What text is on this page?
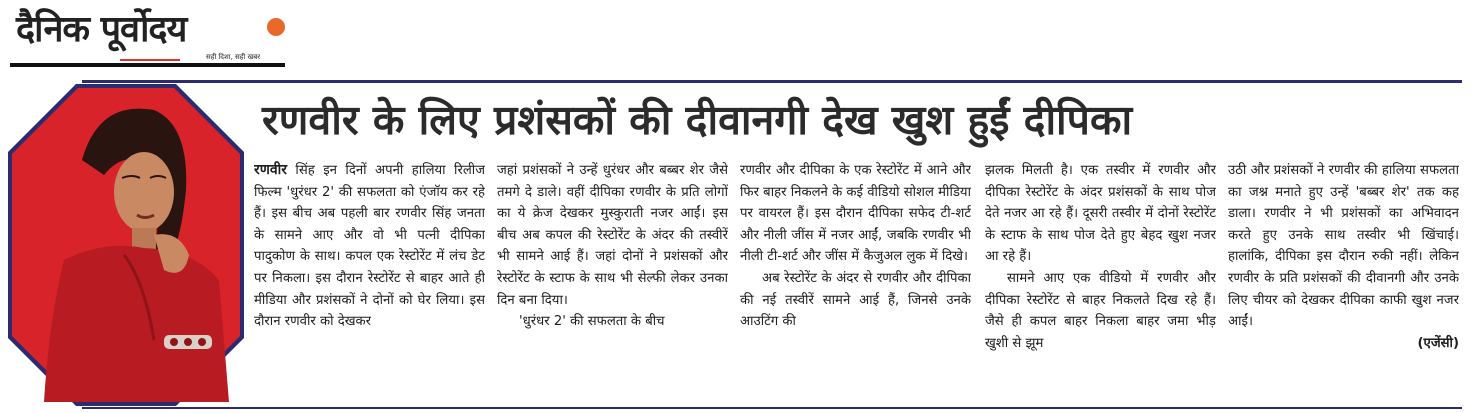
दैनिक पूर्वोदय
सही दिशा, सही खबर
रणवीर के लिए प्रशंसकों की दीवानगी देख खुश हुईं दीपिका

रणवीर सिंह इन दिनों अपनी हालिया रिलीज फिल्म 'धुरंधर 2' की सफलता को एंजॉय कर रहे हैं। इस बीच अब पहली बार रणवीर सिंह जनता के सामने आए और वो भी पत्नी दीपिका पादुकोण के साथ। कपल एक रेस्टोरेंट में लंच डेट पर निकला। इस दौरान रेस्टोरेंट से बाहर आते ही मीडिया और प्रशंसकों ने दोनों को घेर लिया। इस दौरान रणवीर को देखकर

जहां प्रशंसकों ने उन्हें धुरंधर और बब्बर शेर जैसे तमगे दे डाले। वहीं दीपिका रणवीर के प्रति लोगों का ये क्रेज देखकर मुस्कुराती नजर आईं। इस बीच अब कपल की रेस्टोरेंट के अंदर की तस्वीरें भी सामने आई हैं। जहां दोनों ने प्रशंसकों और रेस्टोरेंट के स्टाफ के साथ भी सेल्फी लेकर उनका दिन बना दिया।

'धुरंधर 2' की सफलता के बीच

रणवीर और दीपिका के एक रेस्टोरेंट में आने और फिर बाहर निकलने के कई वीडियो सोशल मीडिया पर वायरल हैं। इस दौरान दीपिका सफेद टी-शर्ट और नीली जींस में नजर आईं, जबकि रणवीर भी नीली टी-शर्ट और जींस में कैजुअल लुक में दिखे।

अब रेस्टोरेंट के अंदर से रणवीर और दीपिका की नई तस्वीरें सामने आई हैं, जिनसे उनके आउटिंग की

झलक मिलती है। एक तस्वीर में रणवीर और दीपिका रेस्टोरेंट के अंदर प्रशंसकों के साथ पोज देते नजर आ रहे हैं। दूसरी तस्वीर में दोनों रेस्टोरेंट के स्टाफ के साथ पोज देते हुए बेहद खुश नजर आ रहे हैं।

सामने आए एक वीडियो में रणवीर और दीपिका रेस्टोरेंट से बाहर निकलते दिख रहे हैं। जैसे ही कपल बाहर निकला बाहर जमा भीड़ खुशी से झूम

उठी और प्रशंसकों ने रणवीर की हालिया सफलता का जश्न मनाते हुए उन्हें 'बब्बर शेर' तक कह डाला। रणवीर ने भी प्रशंसकों का अभिवादन करते हुए उनके साथ तस्वीर भी खिंचाई। हालांकि, दीपिका इस दौरान रुकी नहीं। लेकिन रणवीर के प्रति प्रशंसकों की दीवानगी और उनके लिए चीयर को देखकर दीपिका काफी खुश नजर आईं।

(एजेंसी)
